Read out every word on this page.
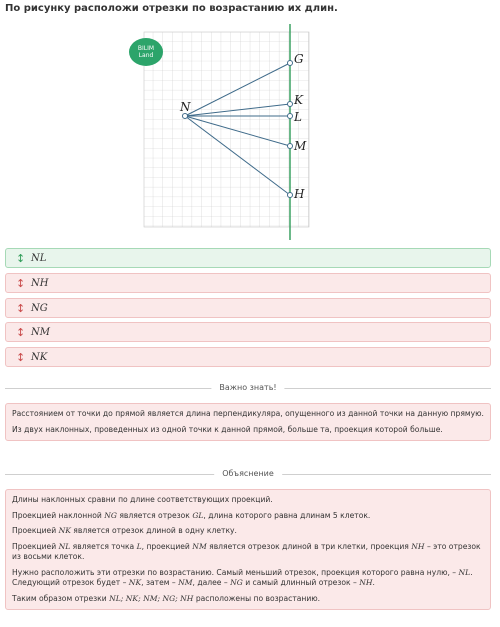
По рисунку расположи отрезки по возрастанию их длин.
N
G
K
L
M
H
BILIM
Land
↕ NL
↕ NH
↕ NG
↕ NM
↕ NK
Важно знать!

Расстоянием от точки до прямой является длина перпендикуляра, опущенного из данной точки на данную прямую.

Из двух наклонных, проведенных из одной точки к данной прямой, больше та, проекция которой больше.

Объяснение

Длины наклонных сравни по длине соответствующих проекций.

Проекцией наклонной NG является отрезок GL, длина которого равна длинам 5 клеток.

Проекцией NK является отрезок длиной в одну клетку.

Проекцией NL является точка L, проекцией NM является отрезок длиной в три клетки, проекция NH – это отрезок из восьми клеток.

Нужно расположить эти отрезки по возрастанию. Самый меньший отрезок, проекция которого равна нулю, – NL. Следующий отрезок будет – NK, затем – NM, далее – NG и самый длинный отрезок – NH.

Таким образом отрезки NL; NK; NM; NG; NH расположены по возрастанию.
